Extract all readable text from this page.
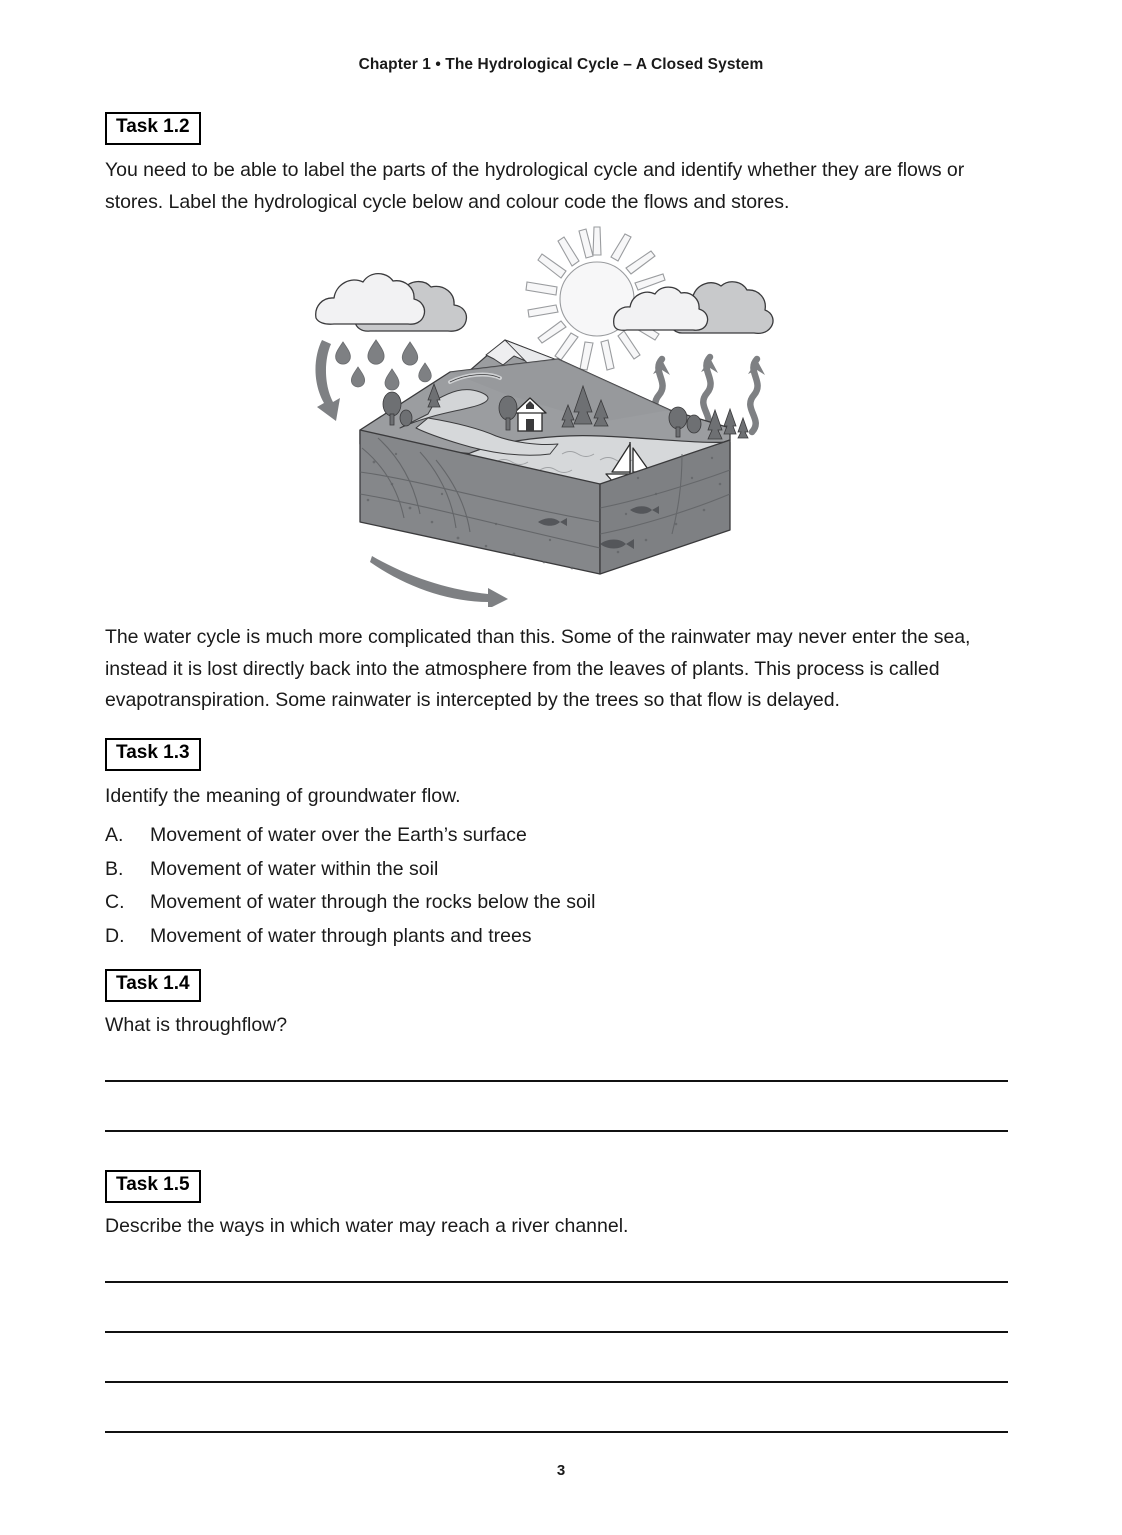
Chapter 1 • The Hydrological Cycle – A Closed System
Task 1.2
You need to be able to label the parts of the hydrological cycle and identify whether they are flows or stores. Label the hydrological cycle below and colour code the flows and stores.
The water cycle is much more complicated than this. Some of the rainwater may never enter the sea, instead it is lost directly back into the atmosphere from the leaves of plants. This process is called evapotranspiration. Some rainwater is intercepted by the trees so that flow is delayed.
Task 1.3
Identify the meaning of groundwater flow.
A.	Movement of water over the Earth’s surface
B.	Movement of water within the soil
C.	Movement of water through the rocks below the soil
D.	Movement of water through plants and trees
Task 1.4
What is throughflow?
Task 1.5
Describe the ways in which water may reach a river channel.
3
